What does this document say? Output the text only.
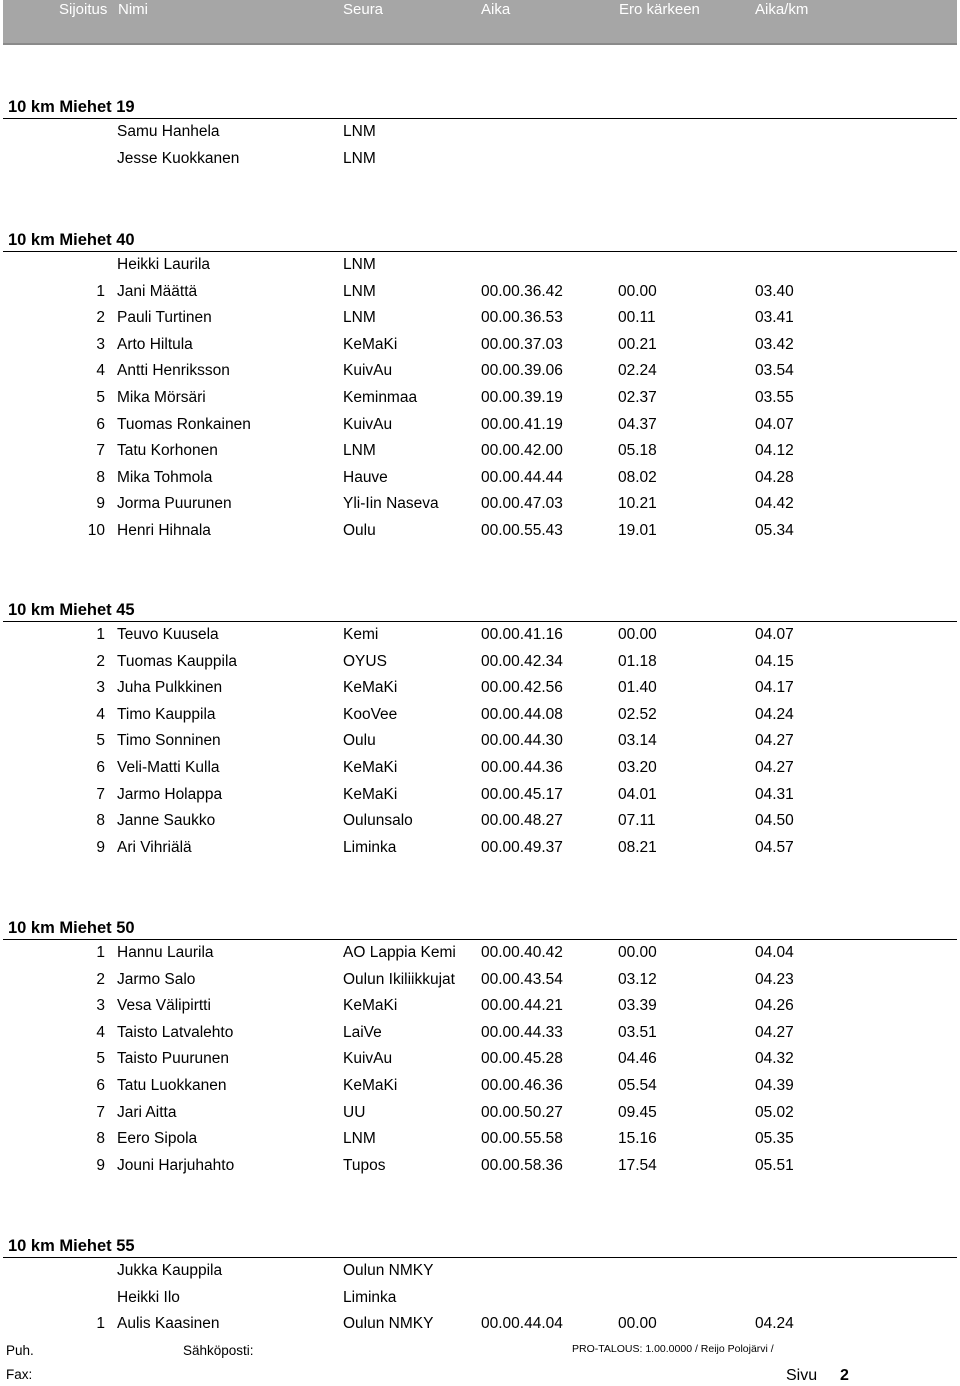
Sijoitus Nimi	Seura	Aika	Ero kärkeen	Aika/km
10 km Miehet 19
Samu Hanhela	LNM
Jesse Kuokkanen	LNM
10 km Miehet 40
Heikki Laurila	LNM
1 Jani Määttä	LNM	00.00.36.42	00.00	03.40
2 Pauli Turtinen	LNM	00.00.36.53	00.11	03.41
3 Arto Hiltula	KeMaKi	00.00.37.03	00.21	03.42
4 Antti Henriksson	KuivAu	00.00.39.06	02.24	03.54
5 Mika Mörsäri	Keminmaa	00.00.39.19	02.37	03.55
6 Tuomas Ronkainen	KuivAu	00.00.41.19	04.37	04.07
7 Tatu Korhonen	LNM	00.00.42.00	05.18	04.12
8 Mika Tohmola	Hauve	00.00.44.44	08.02	04.28
9 Jorma Puurunen	Yli-Iin Naseva	00.00.47.03	10.21	04.42
10 Henri Hihnala	Oulu	00.00.55.43	19.01	05.34
10 km Miehet 45
1 Teuvo Kuusela	Kemi	00.00.41.16	00.00	04.07
2 Tuomas Kauppila	OYUS	00.00.42.34	01.18	04.15
3 Juha Pulkkinen	KeMaKi	00.00.42.56	01.40	04.17
4 Timo Kauppila	KooVee	00.00.44.08	02.52	04.24
5 Timo Sonninen	Oulu	00.00.44.30	03.14	04.27
6 Veli-Matti Kulla	KeMaKi	00.00.44.36	03.20	04.27
7 Jarmo Holappa	KeMaKi	00.00.45.17	04.01	04.31
8 Janne Saukko	Oulunsalo	00.00.48.27	07.11	04.50
9 Ari Vihriälä	Liminka	00.00.49.37	08.21	04.57
10 km Miehet 50
1 Hannu Laurila	AO Lappia Kemi 00.00.40.42	00.00	04.04
2 Jarmo Salo	Oulun Ikiliikkujat 00.00.43.54	03.12	04.23
3 Vesa Välipirtti	KeMaKi	00.00.44.21	03.39	04.26
4 Taisto Latvalehto	LaiVe	00.00.44.33	03.51	04.27
5 Taisto Puurunen	KuivAu	00.00.45.28	04.46	04.32
6 Tatu Luokkanen	KeMaKi	00.00.46.36	05.54	04.39
7 Jari Aitta	UU	00.00.50.27	09.45	05.02
8 Eero Sipola	LNM	00.00.55.58	15.16	05.35
9 Jouni Harjuhahto	Tupos	00.00.58.36	17.54	05.51
10 km Miehet 55
Jukka Kauppila	Oulun NMKY
Heikki Ilo	Liminka
1 Aulis Kaasinen	Oulun NMKY	00.00.44.04	00.00	04.24
Puh.	Sähköposti:	PRO-TALOUS: 1.00.0000 / Reijo Polojärvi /
Fax:	Sivu 2
